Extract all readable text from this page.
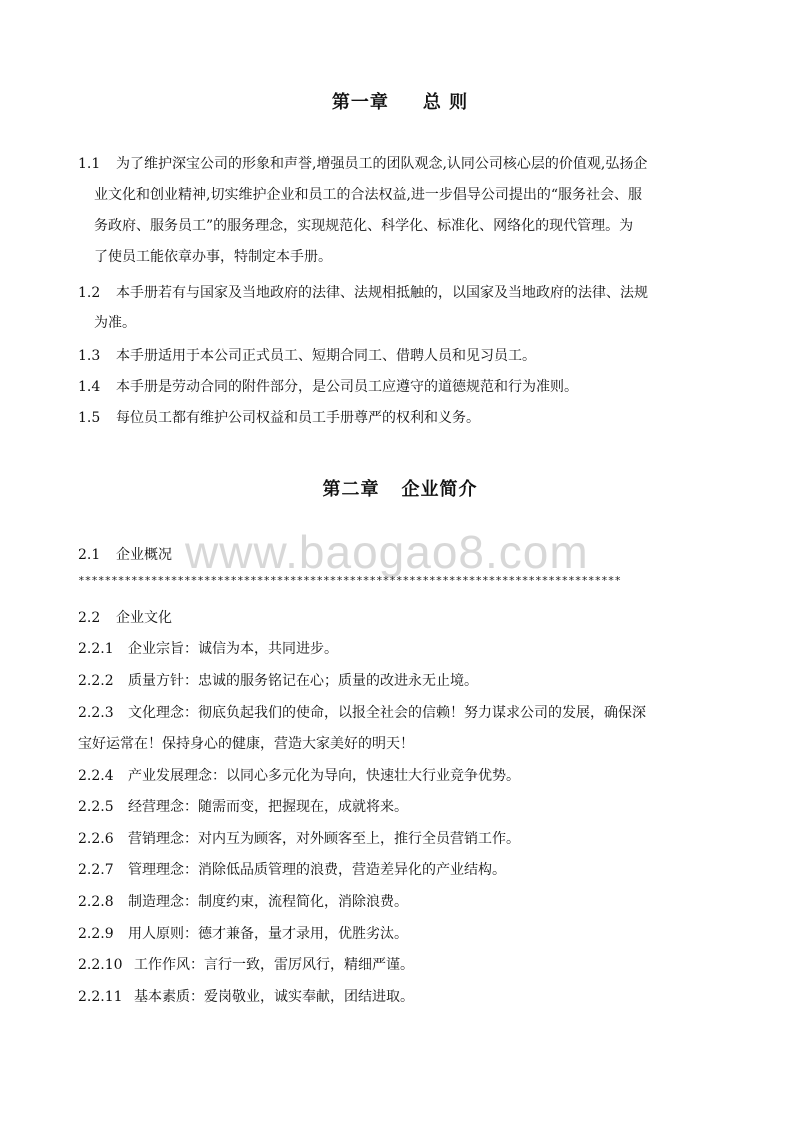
第一章 总 则
1.1 为了维护深宝公司的形象和声誉,增强员工的团队观念,认同公司核心层的价值观,弘扬企
业文化和创业精神,切实维护企业和员工的合法权益,进一步倡导公司提出的“服务社会、服
务政府、服务员工”的服务理念，实现规范化、科学化、标准化、网络化的现代管理。为
了使员工能依章办事，特制定本手册。
1.2 本手册若有与国家及当地政府的法律、法规相抵触的，以国家及当地政府的法律、法规
为准。
1.3 本手册适用于本公司正式员工、短期合同工、借聘人员和见习员工。
1.4 本手册是劳动合同的附件部分，是公司员工应遵守的道德规范和行为准则。
1.5 每位员工都有维护公司权益和员工手册尊严的权利和义务。
第二章 企业简介
www.baogao8.com
2.1 企业概况
**********************************************************************************
2.2 企业文化
2.2.1 企业宗旨：诚信为本，共同进步。
2.2.2 质量方针：忠诚的服务铭记在心；质量的改进永无止境。
2.2.3 文化理念：彻底负起我们的使命，以报全社会的信赖！努力谋求公司的发展，确保深
宝好运常在！保持身心的健康，营造大家美好的明天！
2.2.4 产业发展理念：以同心多元化为导向，快速壮大行业竞争优势。
2.2.5 经营理念：随需而变，把握现在，成就将来。
2.2.6 营销理念：对内互为顾客，对外顾客至上，推行全员营销工作。
2.2.7 管理理念：消除低品质管理的浪费，营造差异化的产业结构。
2.2.8 制造理念：制度约束，流程简化，消除浪费。
2.2.9 用人原则：德才兼备，量才录用，优胜劣汰。
2.2.10 工作作风：言行一致，雷厉风行，精细严谨。
2.2.11 基本素质：爱岗敬业，诚实奉献，团结进取。
